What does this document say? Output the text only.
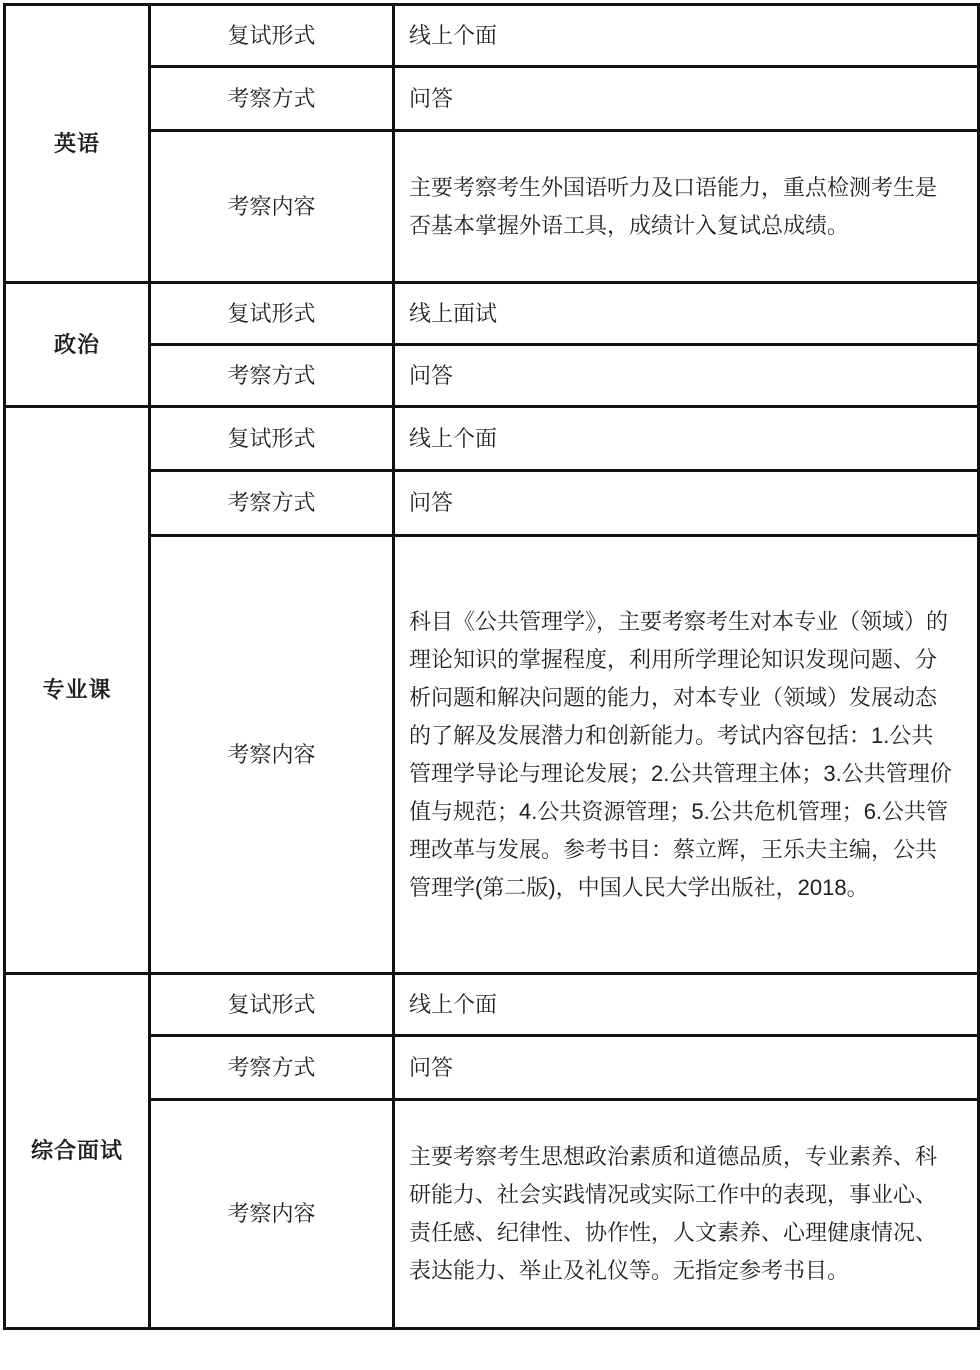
英语	复试形式	线上个面
	考察方式	问答
	考察内容	主要考察考生外国语听力及口语能力，重点检测考生是否基本掌握外语工具，成绩计入复试总成绩。
政治	复试形式	线上面试
	考察方式	问答
专业课	复试形式	线上个面
	考察方式	问答
	考察内容	科目《公共管理学》，主要考察考生对本专业（领域）的理论知识的掌握程度，利用所学理论知识发现问题、分析问题和解决问题的能力，对本专业（领域）发展动态的了解及发展潜力和创新能力。考试内容包括：1.公共管理学导论与理论发展；2.公共管理主体；3.公共管理价值与规范；4.公共资源管理；5.公共危机管理；6.公共管理改革与发展。参考书目：蔡立辉，王乐夫主编，公共管理学(第二版)，中国人民大学出版社，2018。
综合面试	复试形式	线上个面
	考察方式	问答
	考察内容	主要考察考生思想政治素质和道德品质，专业素养、科研能力、社会实践情况或实际工作中的表现，事业心、责任感、纪律性、协作性，人文素养、心理健康情况、表达能力、举止及礼仪等。无指定参考书目。
